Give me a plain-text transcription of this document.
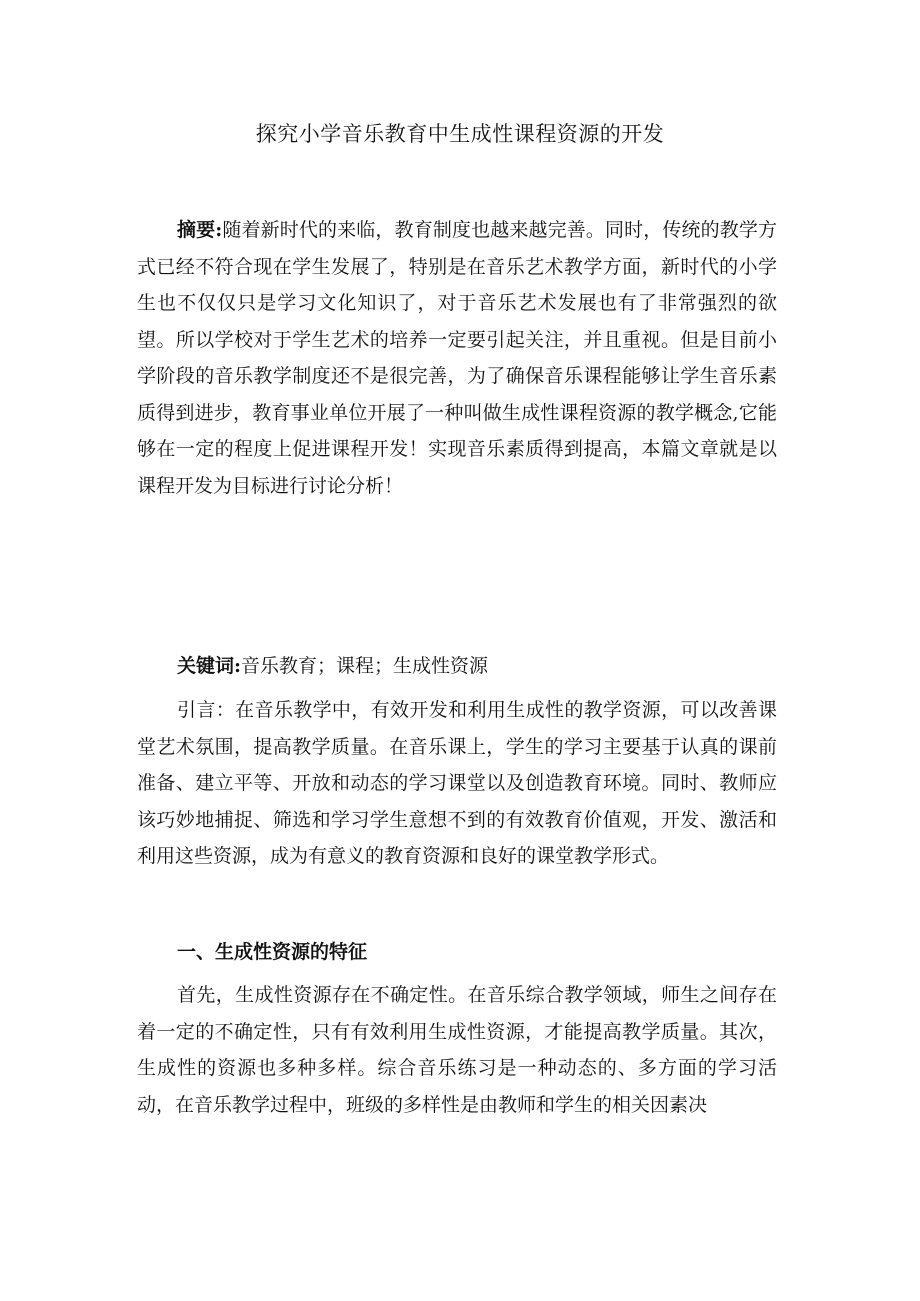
探究小学音乐教育中生成性课程资源的开发
摘要:随着新时代的来临，教育制度也越来越完善。同时，传统的教学方式已经不符合现在学生发展了，特别是在音乐艺术教学方面，新时代的小学生也不仅仅只是学习文化知识了，对于音乐艺术发展也有了非常强烈的欲望。所以学校对于学生艺术的培养一定要引起关注，并且重视。但是目前小学阶段的音乐教学制度还不是很完善，为了确保音乐课程能够让学生音乐素质得到进步，教育事业单位开展了一种叫做生成性课程资源的教学概念,它能够在一定的程度上促进课程开发！实现音乐素质得到提高，本篇文章就是以课程开发为目标进行讨论分析！
关键词:音乐教育；课程；生成性资源
引言：在音乐教学中，有效开发和利用生成性的教学资源，可以改善课堂艺术氛围，提高教学质量。在音乐课上，学生的学习主要基于认真的课前准备、建立平等、开放和动态的学习课堂以及创造教育环境。同时、教师应该巧妙地捕捉、筛选和学习学生意想不到的有效教育价值观，开发、激活和利用这些资源，成为有意义的教育资源和良好的课堂教学形式。
一、生成性资源的特征
首先，生成性资源存在不确定性。在音乐综合教学领域，师生之间存在着一定的不确定性，只有有效利用生成性资源，才能提高教学质量。其次，生成性的资源也多种多样。综合音乐练习是一种动态的、多方面的学习活动，在音乐教学过程中，班级的多样性是由教师和学生的相关因素决
